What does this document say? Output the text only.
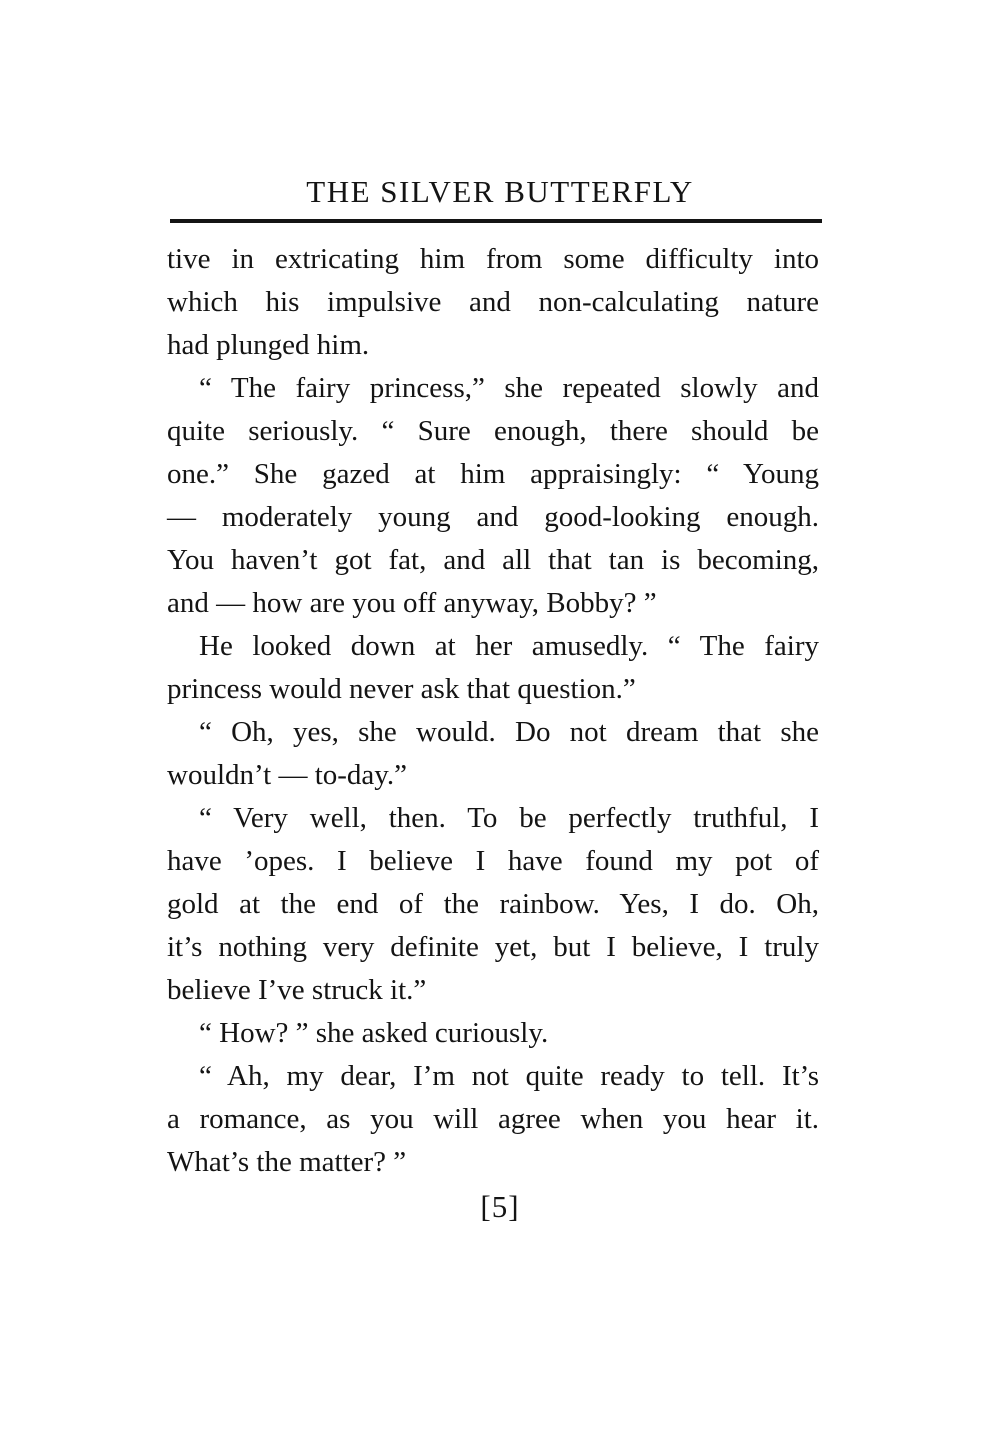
THE SILVER BUTTERFLY
tive in extricating him from some difficulty into
which his impulsive and non-calculating nature
had plunged him.
“ The fairy princess,” she repeated slowly and
quite seriously. “ Sure enough, there should be
one.” She gazed at him appraisingly: “ Young
— moderately young and good-looking enough.
You haven’t got fat, and all that tan is becoming,
and — how are you off anyway, Bobby? ”
He looked down at her amusedly. “ The fairy
princess would never ask that question.”
“ Oh, yes, she would. Do not dream that she
wouldn’t — to-day.”
“ Very well, then. To be perfectly truthful, I
have ’opes. I believe I have found my pot of
gold at the end of the rainbow. Yes, I do. Oh,
it’s nothing very definite yet, but I believe, I truly
believe I’ve struck it.”
“ How? ” she asked curiously.
“ Ah, my dear, I’m not quite ready to tell. It’s
a romance, as you will agree when you hear it.
What’s the matter? ”
[5]
